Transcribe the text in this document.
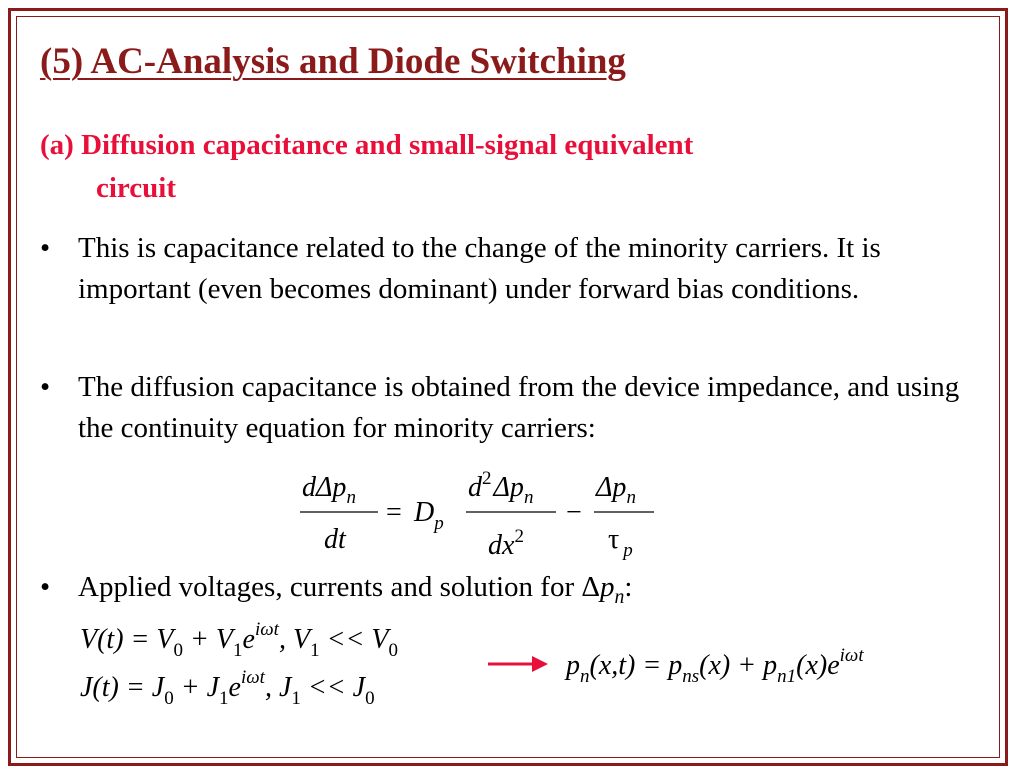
(5) AC-Analysis and Diode Switching
(a) Diffusion capacitance and small-signal equivalent
circuit
• This is capacitance related to the change of the minority carriers. It is important (even becomes dominant) under forward bias conditions.
• The diffusion capacitance is obtained from the device impedance, and using the continuity equation for minority carriers:
dΔp$_n$
dt
= $D_p$
$d^2\Delta p_n$
$dx^2$
−
$\Delta p_n$
τ $_p$
• Applied voltages, currents and solution for $\Delta p_n$:
$V(t) = V_0 + V_1e^{i\omega t}$, $V_1 << V_0$
$J(t) = J_0 + J_1e^{i\omega t}$, $J_1 << J_0$
$p_n(x,t) = p_{ns}(x) + p_{n1}(x)e^{i\omega t}$
